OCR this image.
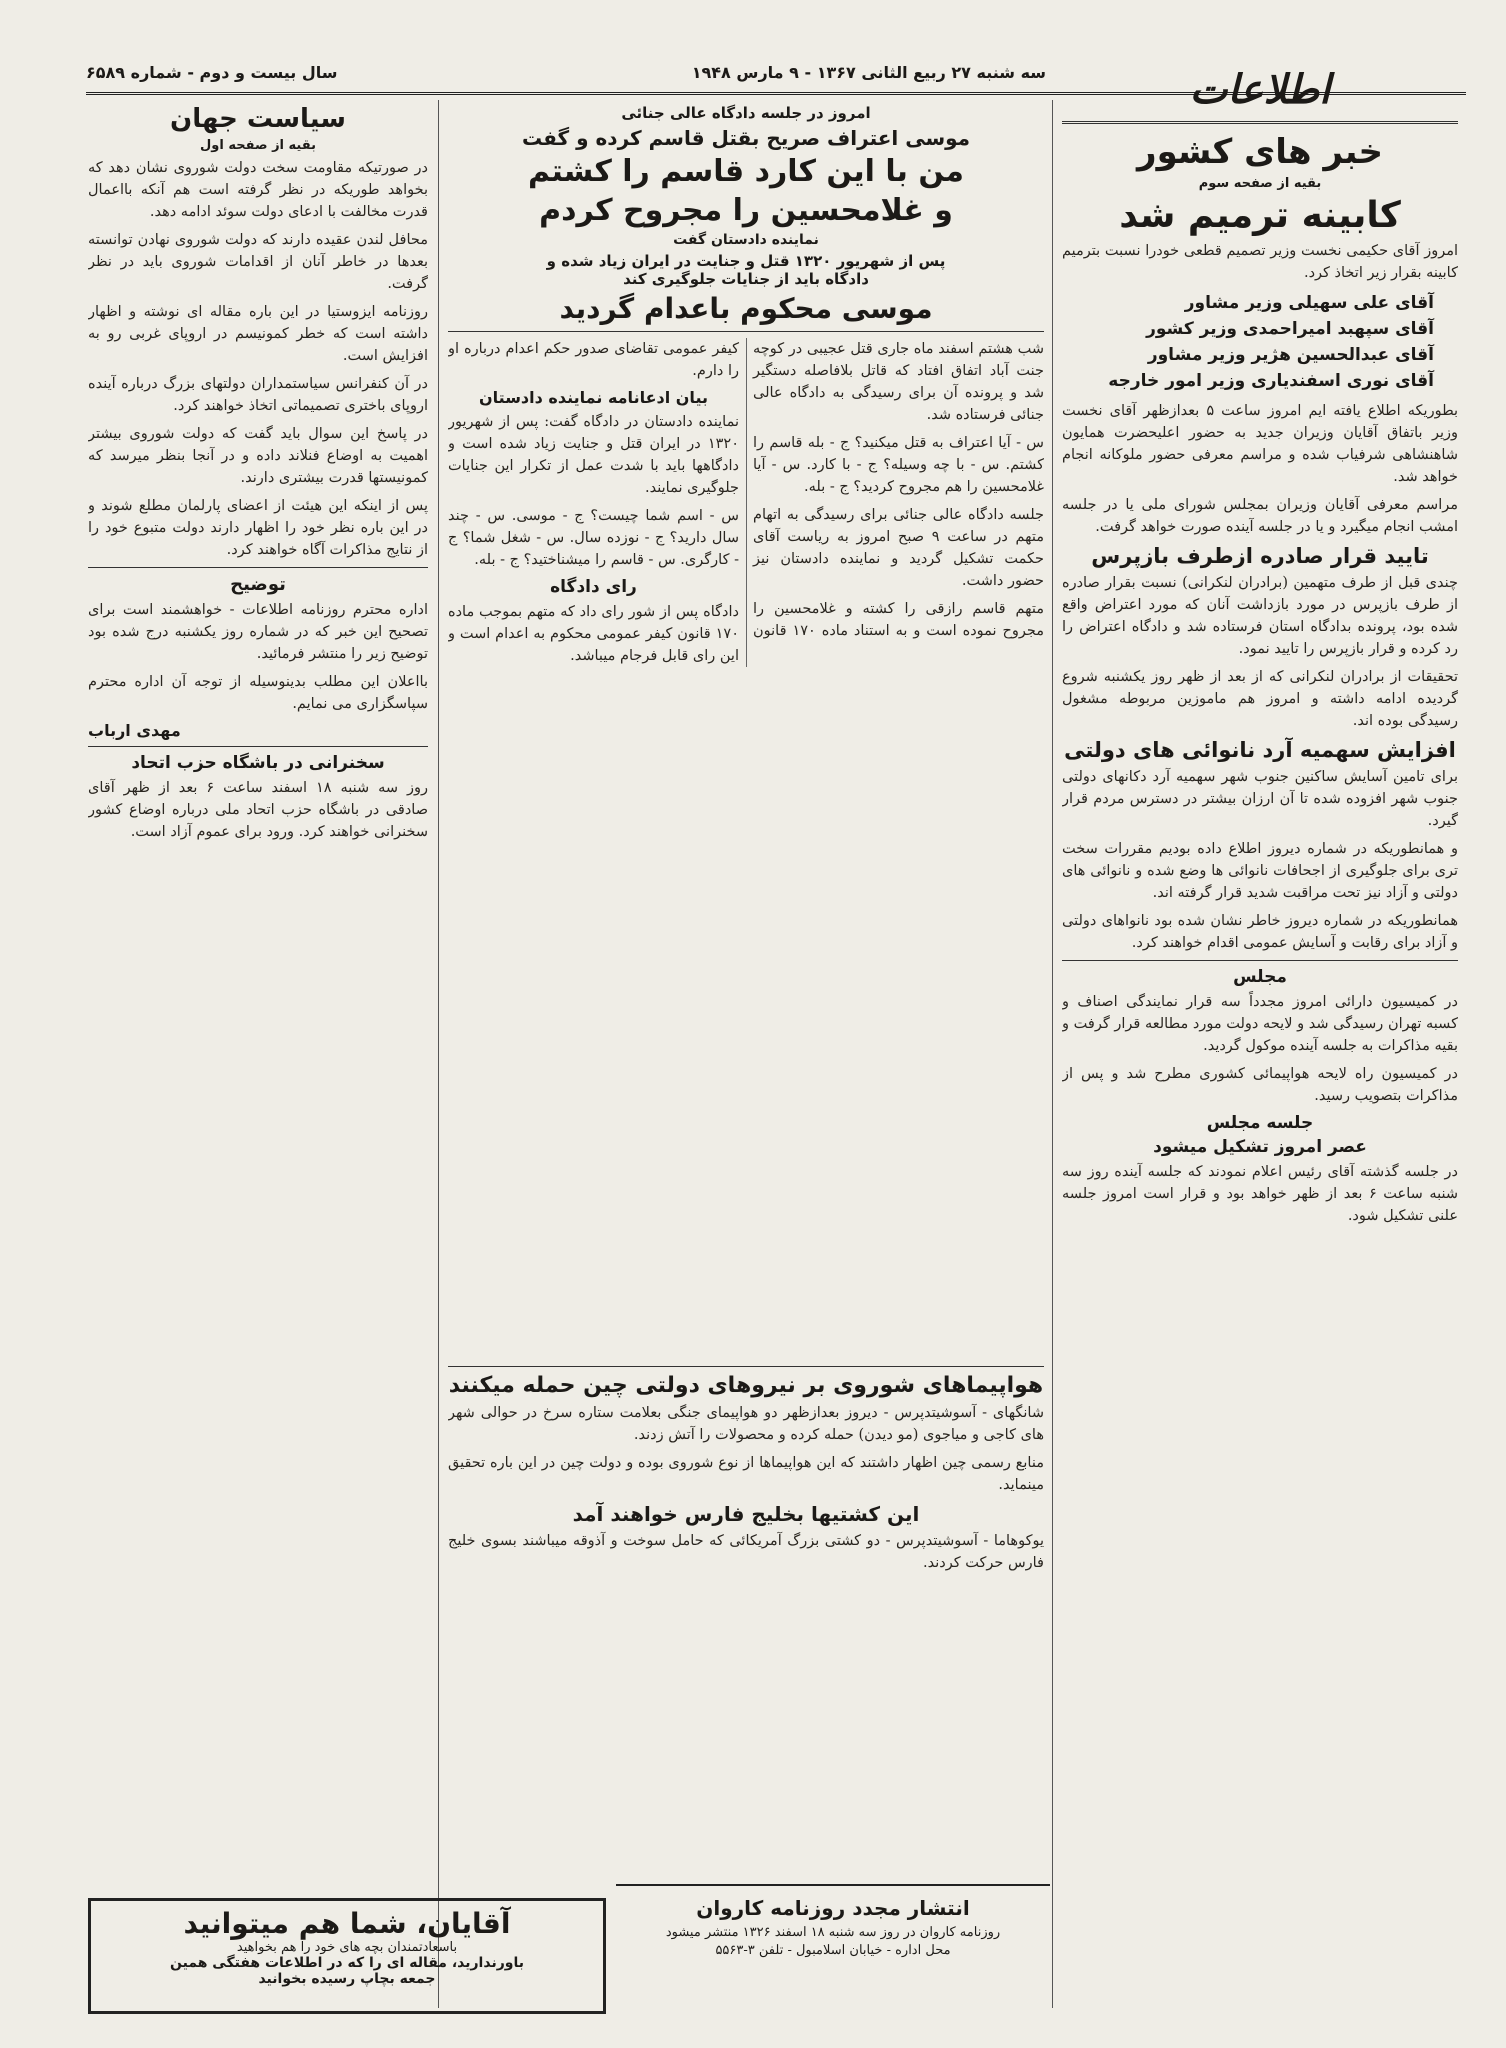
سه شنبه ۲۷ ربیع الثانی ۱۳۶۷ - ۹ مارس ۱۹۴۸
سال بیست و دوم - شماره ۶۵۸۹	اطلاعات
خبر های کشور
بقیه از صفحه سوم
کابینه ترمیم شد

امروز آقای حکیمی نخست وزیر تصمیم قطعی خودرا نسبت بترمیم کابینه بقرار زیر اتخاذ کرد.

آقای علی سهیلی وزیر مشاور
آقای سپهبد امیراحمدی وزیر کشور
آقای عبدالحسین هژیر وزیر مشاور
آقای نوری اسفندیاری وزیر امور خارجه

بطوریکه اطلاع یافته ایم امروز ساعت ۵ بعدازظهر آقای نخست وزیر باتفاق آقایان وزیران جدید به حضور اعلیحضرت همایون شاهنشاهی شرفیاب شده و مراسم معرفی حضور ملوکانه انجام خواهد شد.

مراسم معرفی آقایان وزیران بمجلس شورای ملی یا در جلسه امشب انجام میگیرد و یا در جلسه آینده صورت خواهد گرفت.

تایید قرار صادره ازطرف بازپرس

چندی قبل از طرف متهمین (برادران لنکرانی) نسبت بقرار صادره از طرف بازپرس در مورد بازداشت آنان که مورد اعتراض واقع شده بود، پرونده بدادگاه استان فرستاده شد و دادگاه اعتراض را رد کرده و قرار بازپرس را تایید نمود.

تحقیقات از برادران لنکرانی که از بعد از ظهر روز یکشنبه شروع گردیده ادامه داشته و امروز هم ماموزین مربوطه مشغول رسیدگی بوده اند.

افزایش سهمیه آرد نانوائی های دولتی

برای تامین آسایش ساکنین جنوب شهر سهمیه آرد دکانهای دولتی جنوب شهر افزوده شده تا آن ارزان بیشتر در دسترس مردم قرار گیرد.

و همانطوریکه در شماره دیروز اطلاع داده بودیم مقررات سخت تری برای جلوگیری از اجحافات نانوائی ها وضع شده و نانوائی های دولتی و آزاد نیز تحت مراقبت شدید قرار گرفته اند.

همانطوریکه در شماره دیروز خاطر نشان شده بود نانواهای دولتی و آزاد برای رقابت و آسایش عمومی اقدام خواهند کرد.

مجلس

در کمیسیون دارائی امروز مجدداً سه قرار نمایندگی اصناف و کسبه تهران رسیدگی شد و لایحه دولت مورد مطالعه قرار گرفت و بقیه مذاکرات به جلسه آینده موکول گردید.

در کمیسیون راه لایحه هواپیمائی کشوری مطرح شد و پس از مذاکرات بتصویب رسید.

جلسه مجلس
عصر امروز تشکیل میشود

در جلسه گذشته آقای رئیس اعلام نمودند که جلسه آینده روز سه شنبه ساعت ۶ بعد از ظهر خواهد بود و قرار است امروز جلسه علنی تشکیل شود.

امروز در جلسه دادگاه عالی جنائی
موسی اعتراف صریح بقتل قاسم کرده و گفت
من با این کارد قاسم را کشتم
و غلامحسین را مجروح کردم
نماینده دادستان گفت
پس از شهریور ۱۳۲۰ قتل و جنایت در ایران زیاد شده و دادگاه باید از جنایات جلوگیری کند
موسی محکوم باعدام گردید

شب هشتم اسفند ماه جاری قتل عجیبی در کوچه جنت آباد اتفاق افتاد که قاتل بلافاصله دستگیر شد و پرونده آن برای رسیدگی به دادگاه عالی جنائی فرستاده شد.

س - آیا اعتراف به قتل میکنید؟ ج - بله قاسم را کشتم. س - با چه وسیله؟ ج - با کارد. س - آیا غلامحسین را هم مجروح کردید؟ ج - بله.

جلسه دادگاه عالی جنائی برای رسیدگی به اتهام متهم در ساعت ۹ صبح امروز به ریاست آقای حکمت تشکیل گردید و نماینده دادستان نیز حضور داشت.

متهم قاسم رازقی را کشته و غلامحسین را مجروح نموده است و به استناد ماده ۱۷۰ قانون کیفر عمومی تقاضای صدور حکم اعدام درباره او را دارم.

بیان ادعانامه نماینده دادستان

نماینده دادستان در دادگاه گفت: پس از شهریور ۱۳۲۰ در ایران قتل و جنایت زیاد شده است و دادگاهها باید با شدت عمل از تکرار این جنایات جلوگیری نمایند.

س - اسم شما چیست؟ ج - موسی. س - چند سال دارید؟ ج - نوزده سال. س - شغل شما؟ ج - کارگری. س - قاسم را میشناختید؟ ج - بله.

رای دادگاه

دادگاه پس از شور رای داد که متهم بموجب ماده ۱۷۰ قانون کیفر عمومی محکوم به اعدام است و این رای قابل فرجام میباشد.

هواپیماهای شوروی بر نیروهای دولتی چین حمله میکنند

شانگهای - آسوشیتدپرس - دیروز بعدازظهر دو هواپیمای جنگی بعلامت ستاره سرخ در حوالی شهر های کاجی و میاجوی (مو دیدن) حمله کرده و محصولات را آتش زدند.

منابع رسمی چین اظهار داشتند که این هواپیماها از نوع شوروی بوده و دولت چین در این باره تحقیق مینماید.

این کشتیها بخلیج فارس خواهند آمد

یوکوهاما - آسوشیتدپرس - دو کشتی بزرگ آمریکائی که حامل سوخت و آذوقه میباشند بسوی خلیج فارس حرکت کردند.

سیاست جهان
بقیه از صفحه اول

در صورتیکه مقاومت سخت دولت شوروی نشان دهد که بخواهد طوریکه در نظر گرفته است هم آنکه بااعمال قدرت مخالفت با ادعای دولت سوئد ادامه دهد.

محافل لندن عقیده دارند که دولت شوروی نهادن توانسته بعدها در خاطر آنان از اقدامات شوروی باید در نظر گرفت.

روزنامه ایزوستیا در این باره مقاله ای نوشته و اظهار داشته است که خطر کمونیسم در اروپای غربی رو به افزایش است.

در آن کنفرانس سیاستمداران دولتهای بزرگ درباره آینده اروپای باختری تصمیماتی اتخاذ خواهند کرد.

در پاسخ این سوال باید گفت که دولت شوروی بیشتر اهمیت به اوضاع فنلاند داده و در آنجا بنظر میرسد که کمونیستها قدرت بیشتری دارند.

پس از اینکه این هیئت از اعضای پارلمان مطلع شوند و در این باره نظر خود را اظهار دارند دولت متبوع خود را از نتایج مذاکرات آگاه خواهند کرد.

توضیح

اداره محترم روزنامه اطلاعات - خواهشمند است برای تصحیح این خبر که در شماره روز یکشنبه درج شده بود توضیح زیر را منتشر فرمائید.

بااعلان این مطلب بدینوسیله از توجه آن اداره محترم سپاسگزاری می نمایم.

مهدی ارباب
سخنرانی در باشگاه حزب اتحاد

روز سه شنبه ۱۸ اسفند ساعت ۶ بعد از ظهر آقای صادقی در باشگاه حزب اتحاد ملی درباره اوضاع کشور سخنرانی خواهند کرد. ورود برای عموم آزاد است.

انتشار مجدد روزنامه کاروان
روزنامه کاروان در روز سه شنبه ۱۸ اسفند ۱۳۲۶ منتشر میشود
محل اداره - خیابان اسلامبول - تلفن ۳-۵۵۶۳
آقایان، شما هم میتوانید
باسعادتمندان بچه های خود را هم بخواهید
باورندارید، مقاله ای را که در اطلاعات هفتگی همین
جمعه بچاپ رسیده بخوانید
